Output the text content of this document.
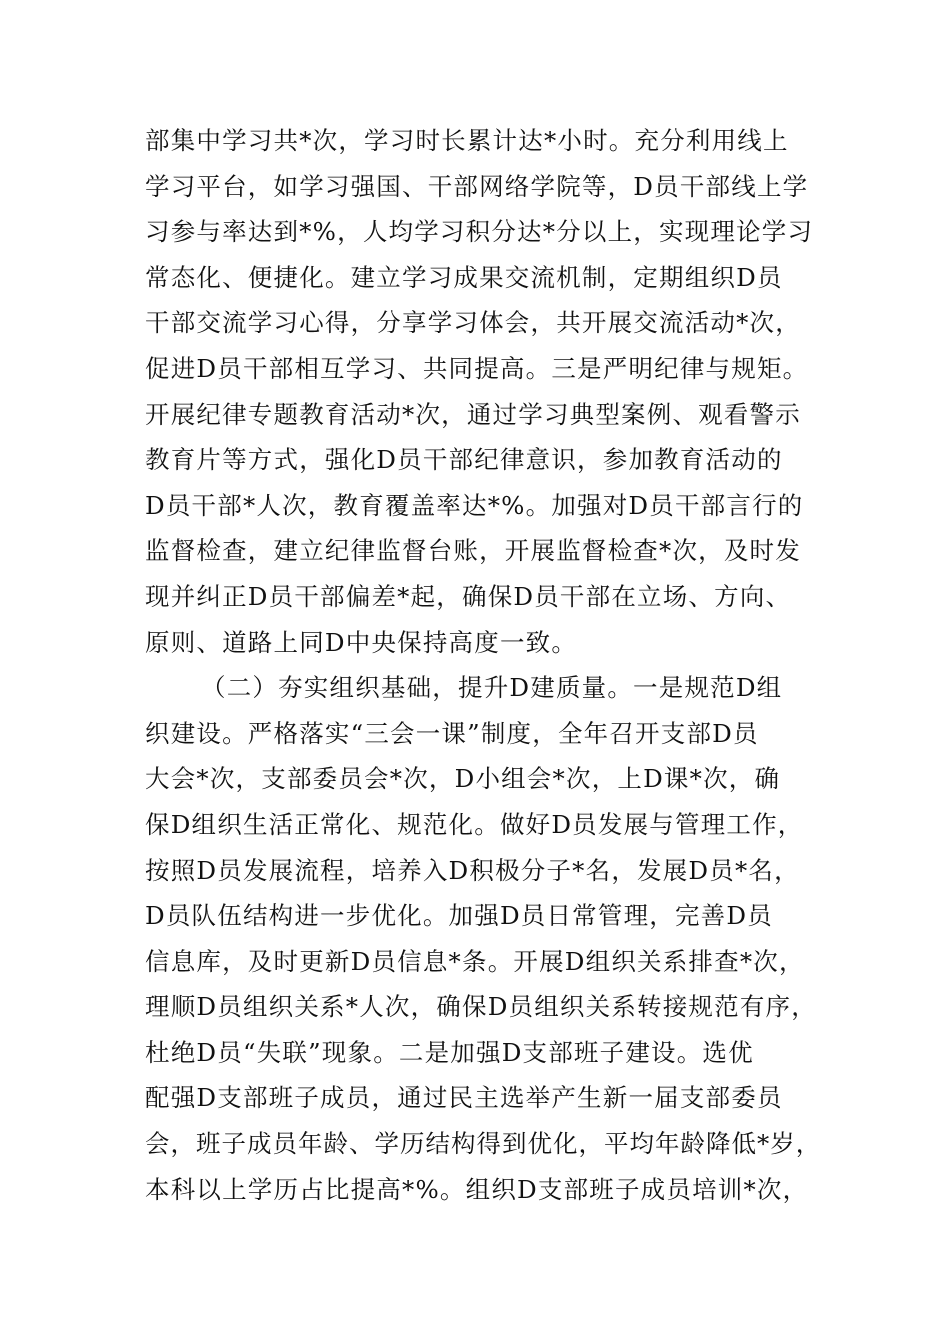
部集中学习共*次，学习时长累计达*小时。充分利用线上
学习平台，如学习强国、干部网络学院等，D员干部线上学
习参与率达到*%，人均学习积分达*分以上，实现理论学习
常态化、便捷化。建立学习成果交流机制，定期组织D员
干部交流学习心得，分享学习体会，共开展交流活动*次，
促进D员干部相互学习、共同提高。三是严明纪律与规矩。
开展纪律专题教育活动*次，通过学习典型案例、观看警示
教育片等方式，强化D员干部纪律意识，参加教育活动的
D员干部*人次，教育覆盖率达*%。加强对D员干部言行的
监督检查，建立纪律监督台账，开展监督检查*次，及时发
现并纠正D员干部偏差*起，确保D员干部在立场、方向、
原则、道路上同D中央保持高度一致。
（二）夯实组织基础，提升D建质量。一是规范D组
织建设。严格落实“三会一课”制度，全年召开支部D员
大会*次，支部委员会*次，D小组会*次，上D课*次，确
保D组织生活正常化、规范化。做好D员发展与管理工作，
按照D员发展流程，培养入D积极分子*名，发展D员*名，
D员队伍结构进一步优化。加强D员日常管理，完善D员
信息库，及时更新D员信息*条。开展D组织关系排查*次，
理顺D员组织关系*人次，确保D员组织关系转接规范有序，
杜绝D员“失联”现象。二是加强D支部班子建设。选优
配强D支部班子成员，通过民主选举产生新一届支部委员
会，班子成员年龄、学历结构得到优化，平均年龄降低*岁，
本科以上学历占比提高*%。组织D支部班子成员培训*次，
